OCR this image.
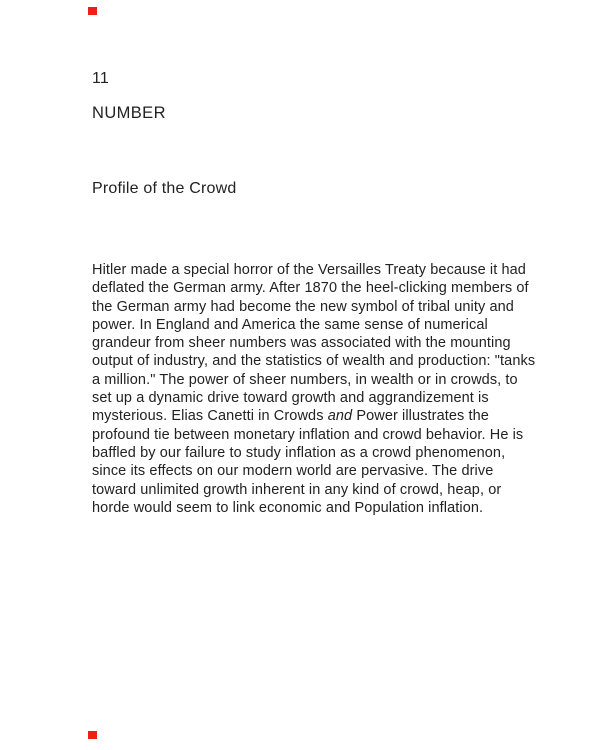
11
NUMBER
Profile of the Crowd
Hitler made a special horror of the Versailles Treaty because it had
deflated the German army. After 1870 the heel-clicking members of
the German army had become the new symbol of tribal unity and
power. In England and America the same sense of numerical
grandeur from sheer numbers was associated with the mounting
output of industry, and the statistics of wealth and production: "tanks
a million." The power of sheer numbers, in wealth or in crowds, to
set up a dynamic drive toward growth and aggrandizement is
mysterious. Elias Canetti in Crowds and Power illustrates the
profound tie between monetary inflation and crowd behavior. He is
baffled by our failure to study inflation as a crowd phenomenon,
since its effects on our modern world are pervasive. The drive
toward unlimited growth inherent in any kind of crowd, heap, or
horde would seem to link economic and Population inflation.
